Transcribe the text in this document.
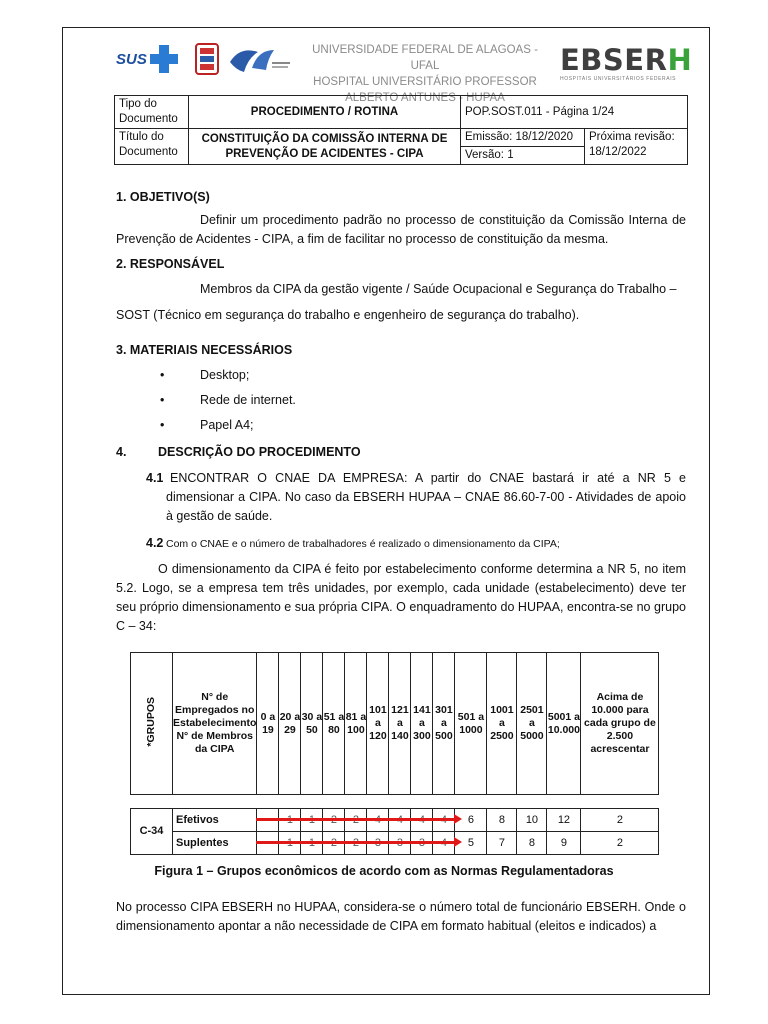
SUS
UNIVERSIDADE FEDERAL DE ALAGOAS - UFAL
HOSPITAL UNIVERSITÁRIO PROFESSOR
ALBERTO ANTUNES - HUPAA
EBSERH
HOSPITAIS UNIVERSITÁRIOS FEDERAIS
Tipo do Documento	PROCEDIMENTO / ROTINA	POP.SOST.011 - Página 1/24	
Título do Documento	CONSTITUIÇÃO DA COMISSÃO INTERNA DE PREVENÇÃO DE ACIDENTES - CIPA	Emissão: 18/12/2020	Próxima revisão: 18/12/2022
		Versão: 1	
1. OBJETIVO(S)
Definir um procedimento padrão no processo de constituição da Comissão Interna de Prevenção de Acidentes - CIPA, a fim de facilitar no processo de constituição da mesma.
2. RESPONSÁVEL
Membros da CIPA da gestão vigente / Saúde Ocupacional e Segurança do Trabalho –
SOST (Técnico em segurança do trabalho e engenheiro de segurança do trabalho).
3. MATERIAIS NECESSÁRIOS
•	Desktop;
•	Rede de internet.
•	Papel A4;
4.	DESCRIÇÃO DO PROCEDIMENTO
4.1 ENCONTRAR O CNAE DA EMPRESA: A partir do CNAE bastará ir até a NR 5 e dimensionar a CIPA. No caso da EBSERH HUPAA – CNAE 86.60-7-00 - Atividades de apoio à gestão de saúde.
4.2 Com o CNAE e o número de trabalhadores é realizado o dimensionamento da CIPA;
O dimensionamento da CIPA é feito por estabelecimento conforme determina a NR 5, no item 5.2. Logo, se a empresa tem três unidades, por exemplo, cada unidade (estabelecimento) deve ter seu próprio dimensionamento e sua própria CIPA. O enquadramento do HUPAA, encontra-se no grupo C – 34:
*GRUPOS	N° de Empregados no Estabelecimento N° de Membros da CIPA	0 a 19	20 a 29	30 a 50	51 a 80	81 a 100	101 a 120	121 a 140	141 a 300	301 a 500	501 a 1000	1001 a 2500	2501 a 5000	5001 a 10.000	Acima de 10.000 para cada grupo de 2.500 acrescentar

C-34	Efetivos										6	8	10	12	2
	Suplentes										5	7	8	9	2
Figura 1 – Grupos econômicos de acordo com as Normas Regulamentadoras
No processo CIPA EBSERH no HUPAA, considera-se o número total de funcionário EBSERH. Onde o dimensionamento apontar a não necessidade de CIPA em formato habitual (eleitos e indicados) a
